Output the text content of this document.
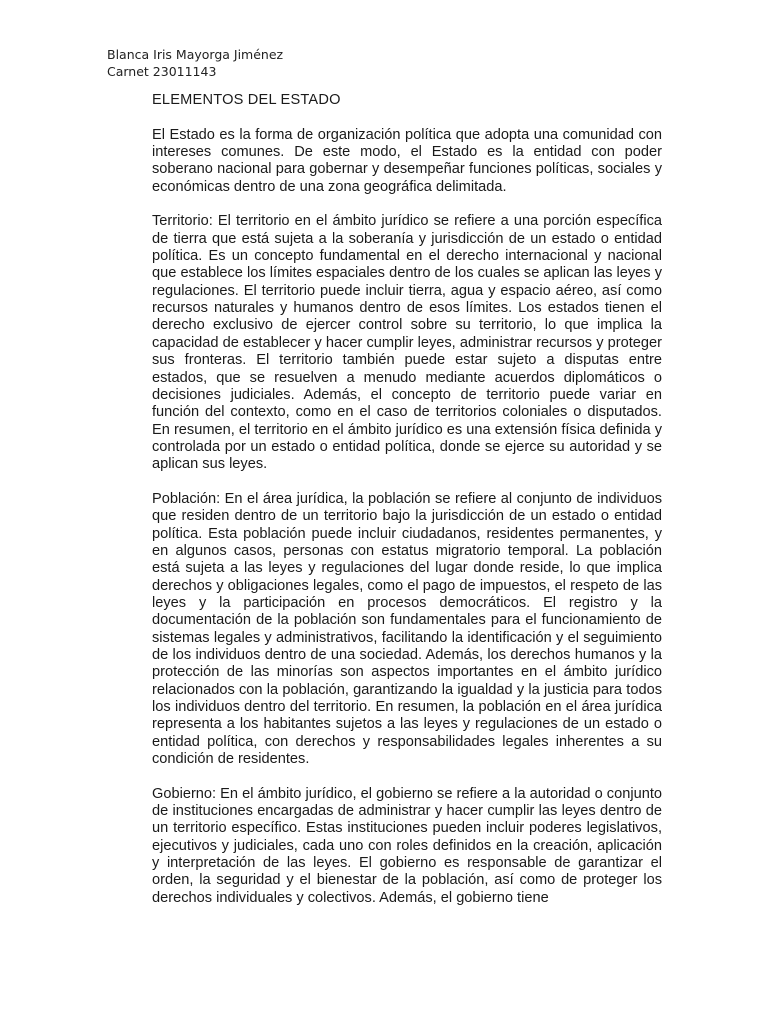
Blanca Iris Mayorga Jiménez
Carnet 23011143
ELEMENTOS DEL ESTADO

El Estado es la forma de organización política que adopta una comunidad con intereses comunes. De este modo, el Estado es la entidad con poder soberano nacional para gobernar y desempeñar funciones políticas, sociales y económicas dentro de una zona geográfica delimitada.

Territorio: El territorio en el ámbito jurídico se refiere a una porción específica de tierra que está sujeta a la soberanía y jurisdicción de un estado o entidad política. Es un concepto fundamental en el derecho internacional y nacional que establece los límites espaciales dentro de los cuales se aplican las leyes y regulaciones. El territorio puede incluir tierra, agua y espacio aéreo, así como recursos naturales y humanos dentro de esos límites. Los estados tienen el derecho exclusivo de ejercer control sobre su territorio, lo que implica la capacidad de establecer y hacer cumplir leyes, administrar recursos y proteger sus fronteras. El territorio también puede estar sujeto a disputas entre estados, que se resuelven a menudo mediante acuerdos diplomáticos o decisiones judiciales. Además, el concepto de territorio puede variar en función del contexto, como en el caso de territorios coloniales o disputados. En resumen, el territorio en el ámbito jurídico es una extensión física definida y controlada por un estado o entidad política, donde se ejerce su autoridad y se aplican sus leyes.

Población: En el área jurídica, la población se refiere al conjunto de individuos que residen dentro de un territorio bajo la jurisdicción de un estado o entidad política. Esta población puede incluir ciudadanos, residentes permanentes, y en algunos casos, personas con estatus migratorio temporal. La población está sujeta a las leyes y regulaciones del lugar donde reside, lo que implica derechos y obligaciones legales, como el pago de impuestos, el respeto de las leyes y la participación en procesos democráticos. El registro y la documentación de la población son fundamentales para el funcionamiento de sistemas legales y administrativos, facilitando la identificación y el seguimiento de los individuos dentro de una sociedad. Además, los derechos humanos y la protección de las minorías son aspectos importantes en el ámbito jurídico relacionados con la población, garantizando la igualdad y la justicia para todos los individuos dentro del territorio. En resumen, la población en el área jurídica representa a los habitantes sujetos a las leyes y regulaciones de un estado o entidad política, con derechos y responsabilidades legales inherentes a su condición de residentes.

Gobierno: En el ámbito jurídico, el gobierno se refiere a la autoridad o conjunto de instituciones encargadas de administrar y hacer cumplir las leyes dentro de un territorio específico. Estas instituciones pueden incluir poderes legislativos, ejecutivos y judiciales, cada uno con roles definidos en la creación, aplicación y interpretación de las leyes. El gobierno es responsable de garantizar el orden, la seguridad y el bienestar de la población, así como de proteger los derechos individuales y colectivos. Además, el gobierno tiene
